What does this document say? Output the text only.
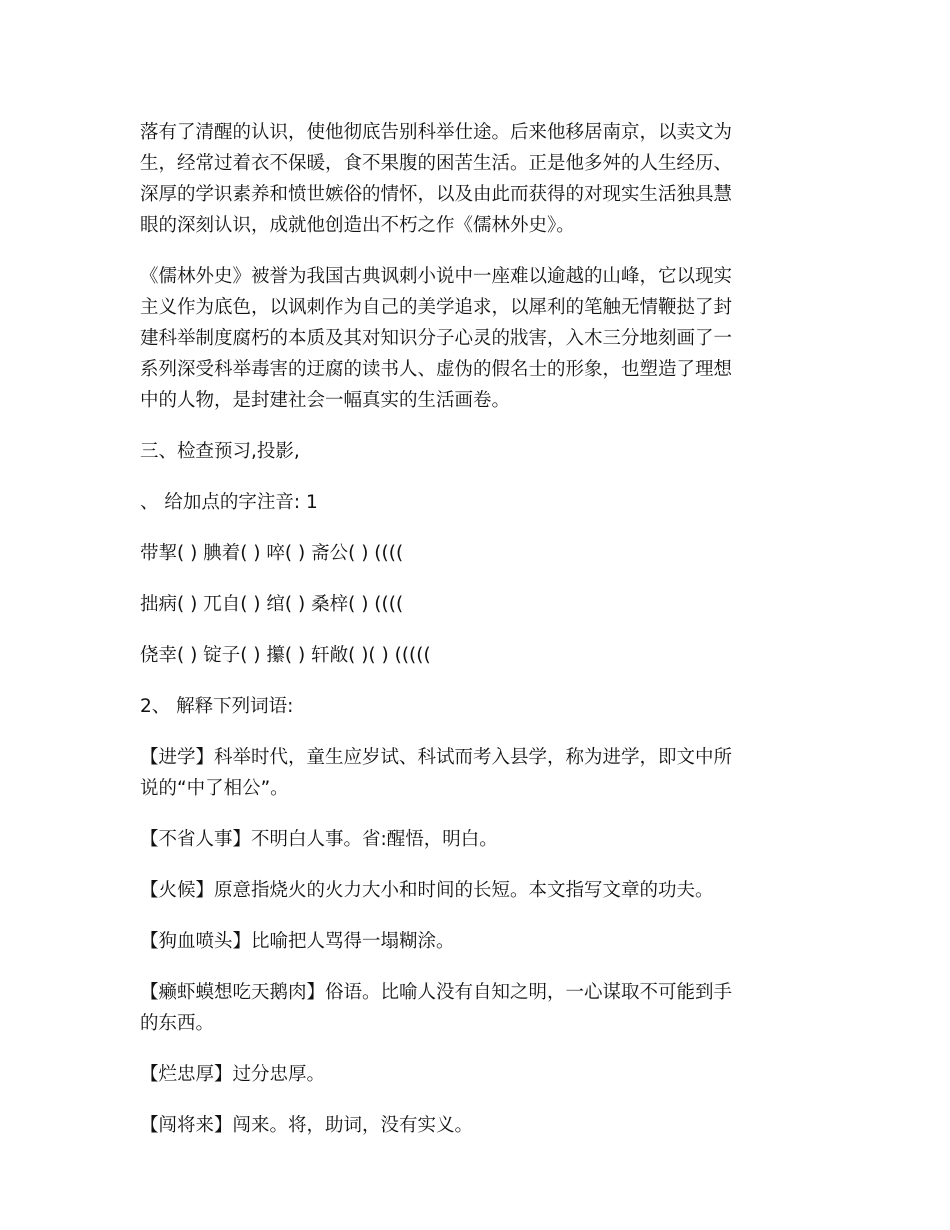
落有了清醒的认识，使他彻底告别科举仕途。后来他移居南京，以卖文为
生，经常过着衣不保暖，食不果腹的困苦生活。正是他多舛的人生经历、
深厚的学识素养和愤世嫉俗的情怀，以及由此而获得的对现实生活独具慧
眼的深刻认识，成就他创造出不朽之作《儒林外史》。

《儒林外史》被誉为我国古典讽刺小说中一座难以逾越的山峰，它以现实
主义作为底色，以讽刺作为自己的美学追求，以犀利的笔触无情鞭挞了封
建科举制度腐朽的本质及其对知识分子心灵的戕害，入木三分地刻画了一
系列深受科举毒害的迂腐的读书人、虚伪的假名士的形象，也塑造了理想
中的人物，是封建社会一幅真实的生活画卷。

三、检查预习,投影,

、 给加点的字注音: 1

带挈( ) 腆着( ) 啐( ) 斋公( ) ((((

拙病( ) 兀自( ) 绾( ) 桑梓( ) ((((

侥幸( ) 锭子( ) 攥( ) 轩敞( )( ) (((((

2、 解释下列词语:

【进学】科举时代，童生应岁试、科试而考入县学，称为进学，即文中所
说的“中了相公”。

【不省人事】不明白人事。省:醒悟，明白。

【火候】原意指烧火的火力大小和时间的长短。本文指写文章的功夫。

【狗血喷头】比喻把人骂得一塌糊涂。

【癞虾蟆想吃天鹅肉】俗语。比喻人没有自知之明，一心谋取不可能到手
的东西。

【烂忠厚】过分忠厚。

【闯将来】闯来。将，助词，没有实义。
